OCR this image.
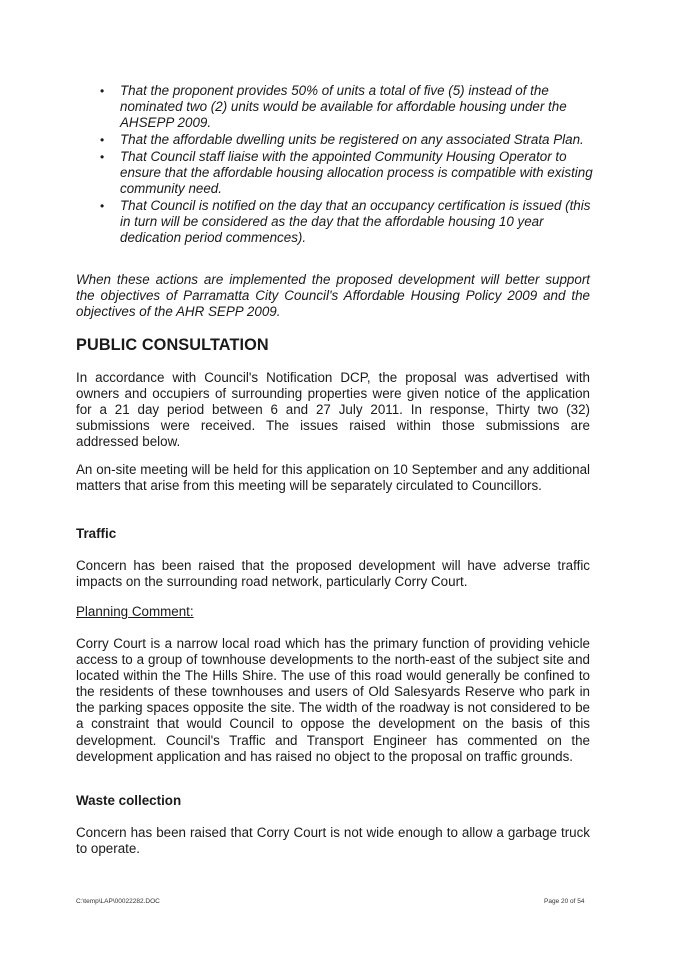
• That the proponent provides 50% of units a total of five (5) instead of the nominated two (2) units would be available for affordable housing under the AHSEPP 2009.
• That the affordable dwelling units be registered on any associated Strata Plan.
• That Council staff liaise with the appointed Community Housing Operator to ensure that the affordable housing allocation process is compatible with existing community need.
• That Council is notified on the day that an occupancy certification is issued (this in turn will be considered as the day that the affordable housing 10 year dedication period commences).

When these actions are implemented the proposed development will better support the objectives of Parramatta City Council's Affordable Housing Policy 2009 and the objectives of the AHR SEPP 2009.

PUBLIC CONSULTATION

In accordance with Council's Notification DCP, the proposal was advertised with owners and occupiers of surrounding properties were given notice of the application for a 21 day period between 6 and 27 July 2011. In response, Thirty two (32) submissions were received. The issues raised within those submissions are addressed below.

An on-site meeting will be held for this application on 10 September and any additional matters that arise from this meeting will be separately circulated to Councillors.

Traffic

Concern has been raised that the proposed development will have adverse traffic impacts on the surrounding road network, particularly Corry Court.

Planning Comment:

Corry Court is a narrow local road which has the primary function of providing vehicle access to a group of townhouse developments to the north-east of the subject site and located within the The Hills Shire. The use of this road would generally be confined to the residents of these townhouses and users of Old Salesyards Reserve who park in the parking spaces opposite the site. The width of the roadway is not considered to be a constraint that would Council to oppose the development on the basis of this development. Council's Traffic and Transport Engineer has commented on the development application and has raised no object to the proposal on traffic grounds.

Waste collection

Concern has been raised that Corry Court is not wide enough to allow a garbage truck to operate.

C:\temp\LAP\00022282.DOC	Page 20 of 54
